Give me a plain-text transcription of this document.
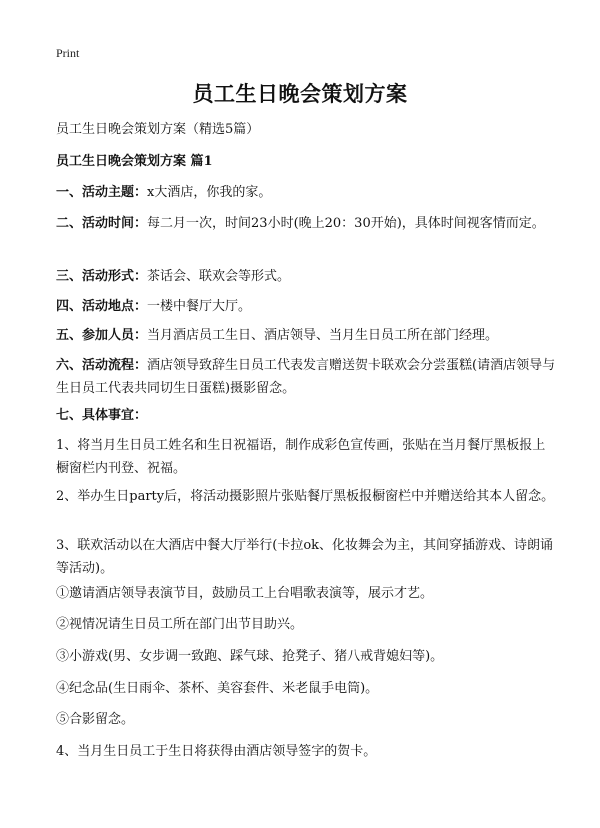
Print
员工生日晚会策划方案
员工生日晚会策划方案（精选5篇）
员工生日晚会策划方案 篇1
一、活动主题：x大酒店，你我的家。
二、活动时间：每二月一次，时间23小时(晚上20：30开始)，具体时间视客情而定。
三、活动形式：茶话会、联欢会等形式。
四、活动地点：一楼中餐厅大厅。
五、参加人员：当月酒店员工生日、酒店领导、当月生日员工所在部门经理。
六、活动流程：酒店领导致辞生日员工代表发言赠送贺卡联欢会分尝蛋糕(请酒店领导与生日员工代表共同切生日蛋糕)摄影留念。
七、具体事宜：
1、将当月生日员工姓名和生日祝福语，制作成彩色宣传画，张贴在当月餐厅黑板报上橱窗栏内刊登、祝福。
2、举办生日party后，将活动摄影照片张贴餐厅黑板报橱窗栏中并赠送给其本人留念。
3、联欢活动以在大酒店中餐大厅举行(卡拉ok、化妆舞会为主，其间穿插游戏、诗朗诵等活动)。
①邀请酒店领导表演节目，鼓励员工上台唱歌表演等，展示才艺。
②视情况请生日员工所在部门出节目助兴。
③小游戏(男、女步调一致跑、踩气球、抢凳子、猪八戒背媳妇等)。
④纪念品(生日雨伞、茶杯、美容套件、米老鼠手电筒)。
⑤合影留念。
4、当月生日员工于生日将获得由酒店领导签字的贺卡。
